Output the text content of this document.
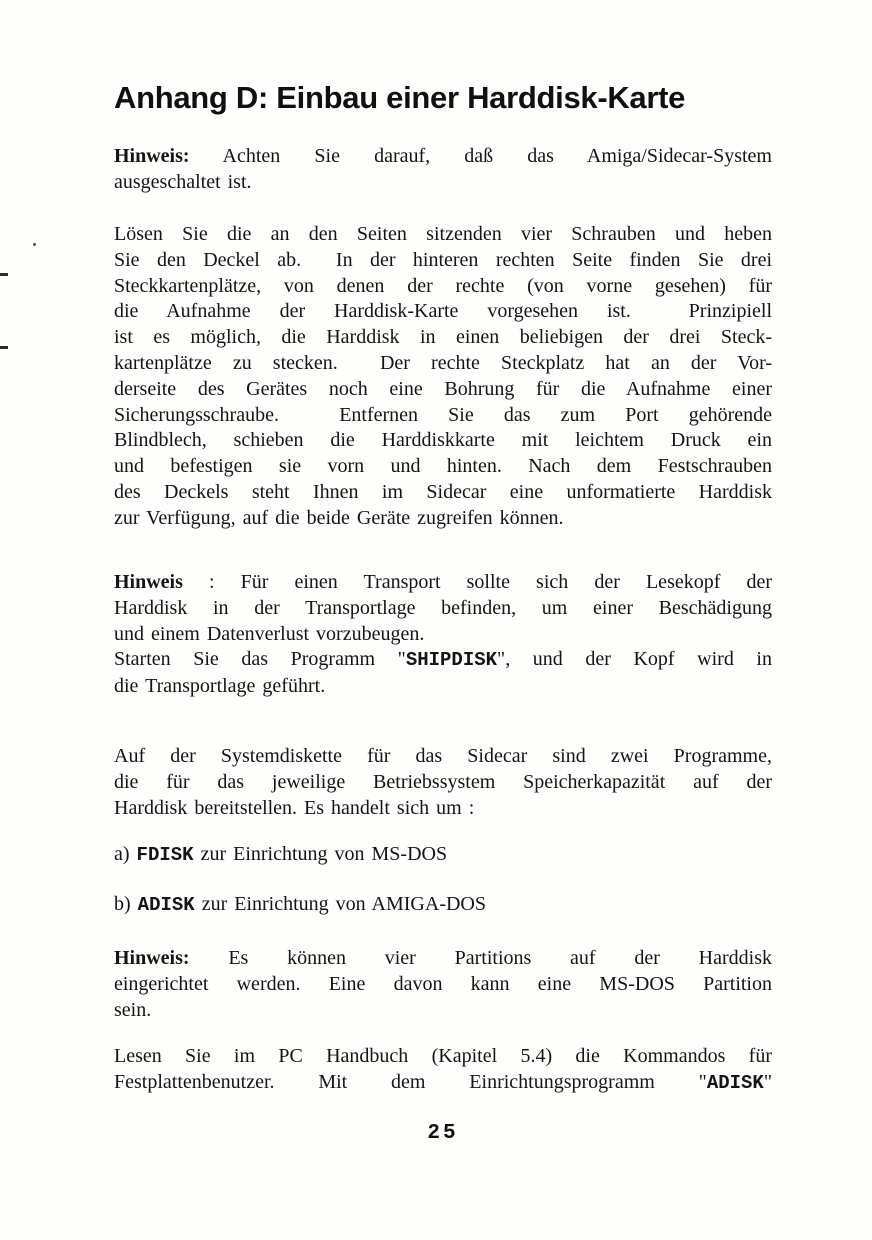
Anhang D: Einbau einer Harddisk-Karte
Hinweis: Achten Sie darauf, daß das Amiga/Sidecar-System
ausgeschaltet ist.
Lösen Sie die an den Seiten sitzenden vier Schrauben und heben
Sie den Deckel ab.  In der hinteren rechten Seite finden Sie drei
Steckkartenplätze, von denen der rechte (von vorne gesehen) für
die Aufnahme der Harddisk-Karte vorgesehen ist.  Prinzipiell
ist es möglich, die Harddisk in einen beliebigen der drei Steck-
kartenplätze zu stecken.  Der rechte Steckplatz hat an der Vor-
derseite des Gerätes noch eine Bohrung für die Aufnahme einer
Sicherungsschraube.  Entfernen Sie das zum Port gehörende
Blindblech, schieben die Harddiskkarte mit leichtem Druck ein
und befestigen sie vorn und hinten. Nach dem Festschrauben
des Deckels steht Ihnen im Sidecar eine unformatierte Harddisk
zur Verfügung, auf die beide Geräte zugreifen können.
Hinweis : Für einen Transport sollte sich der Lesekopf der
Harddisk in der Transportlage befinden, um einer Beschädigung
und einem Datenverlust vorzubeugen.
Starten Sie das Programm "SHIPDISK", und der Kopf wird in
die Transportlage geführt.
Auf der Systemdiskette für das Sidecar sind zwei Programme,
die für das jeweilige Betriebssystem Speicherkapazität auf der
Harddisk bereitstellen. Es handelt sich um :
a) FDISK zur Einrichtung von MS-DOS
b) ADISK zur Einrichtung von AMIGA-DOS
Hinweis: Es können vier Partitions auf der Harddisk
eingerichtet werden. Eine davon kann eine MS-DOS Partition
sein.
Lesen Sie im PC Handbuch (Kapitel 5.4) die Kommandos für
Festplattenbenutzer. Mit dem Einrichtungsprogramm "ADISK"
25
